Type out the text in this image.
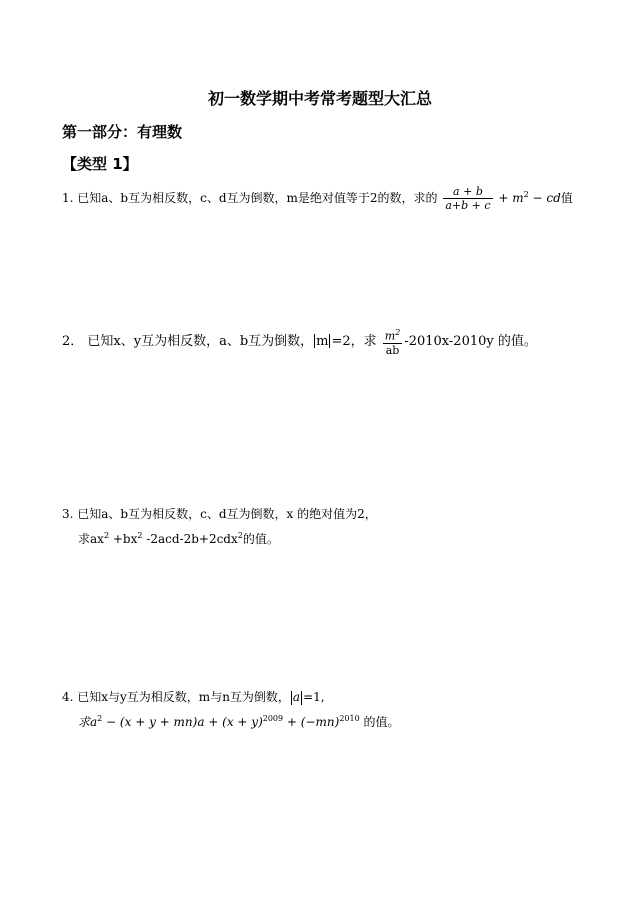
初一数学期中考常考题型大汇总
第一部分：有理数
【类型 1】
1. 已知a、b互为相反数，c、d互为倒数，m是绝对值等于2的数，求的 $\frac{a + b}{a+b + c} + m^2$ − cd值
2． 已知x、y互为相反数，a、b互为倒数， m =2，求 $\frac{m^2}{ab} -2010x-2010y$ 的值。
3. 已知a、b互为相反数，c、d互为倒数，x 的绝对值为2，
求$ax^2 +bx^2$ -2acd-2b+2cdx$^2$的值。
4. 已知x与y互为相反数，m与n互为倒数， a =1,
求$a^2 - (x + y + mn)a + (x + y)^{2009} + (-mn)^{2010}$ 的值。
